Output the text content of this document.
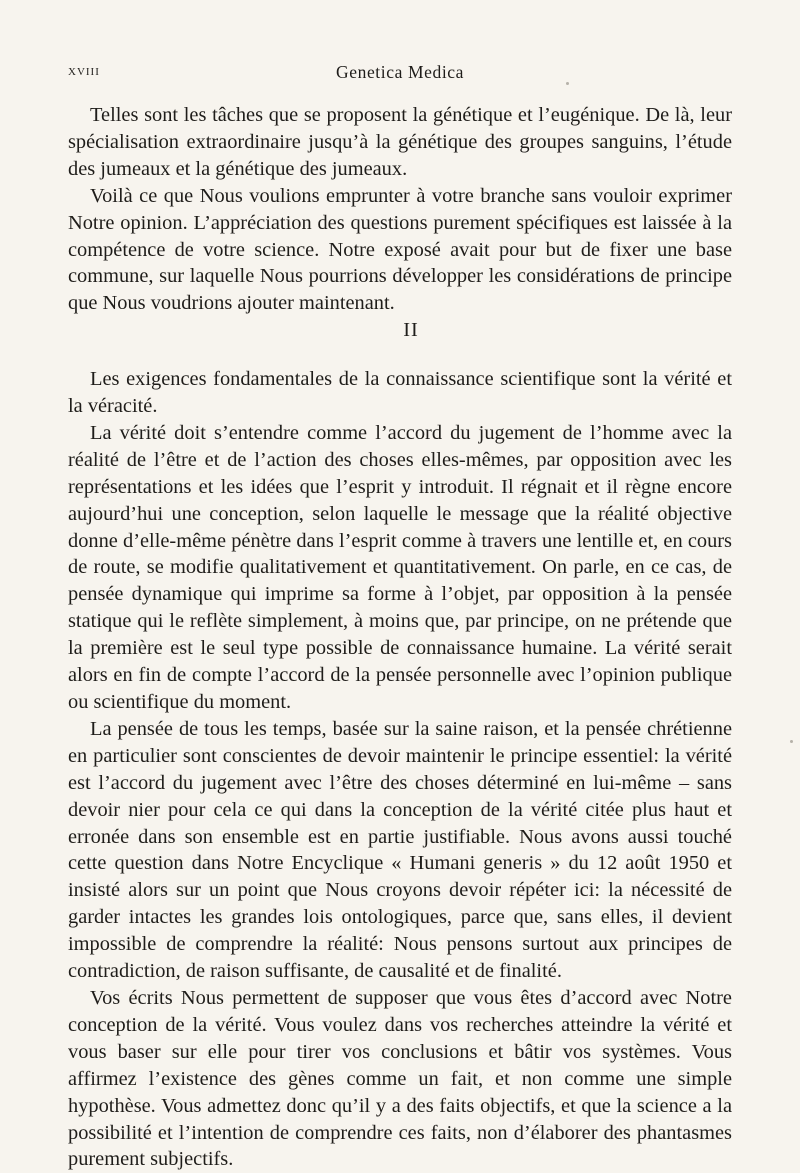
xviii	Genetica Medica

Telles sont les tâches que se proposent la génétique et l’eugénique. De là, leur spécialisation extraordinaire jusqu’à la génétique des groupes sanguins, l’étude des jumeaux et la génétique des jumeaux.

Voilà ce que Nous voulions emprunter à votre branche sans vouloir exprimer Notre opinion. L’appréciation des questions purement spécifiques est laissée à la compétence de votre science. Notre exposé avait pour but de fixer une base commune, sur laquelle Nous pourrions développer les considérations de principe que Nous voudrions ajouter maintenant.

II

Les exigences fondamentales de la connaissance scientifique sont la vérité et la véracité.

La vérité doit s’entendre comme l’accord du jugement de l’homme avec la réalité de l’être et de l’action des choses elles-mêmes, par opposition avec les représentations et les idées que l’esprit y introduit. Il régnait et il règne encore aujourd’hui une conception, selon laquelle le message que la réalité objective donne d’elle-même pénètre dans l’esprit comme à travers une lentille et, en cours de route, se modifie qualitativement et quantitativement. On parle, en ce cas, de pensée dynamique qui imprime sa forme à l’objet, par opposition à la pensée statique qui le reflète simplement, à moins que, par principe, on ne prétende que la première est le seul type possible de connaissance humaine. La vérité serait alors en fin de compte l’accord de la pensée personnelle avec l’opinion publique ou scientifique du moment.

La pensée de tous les temps, basée sur la saine raison, et la pensée chrétienne en particulier sont conscientes de devoir maintenir le principe essentiel: la vérité est l’accord du jugement avec l’être des choses déterminé en lui-même – sans devoir nier pour cela ce qui dans la conception de la vérité citée plus haut et erronée dans son ensemble est en partie justifiable. Nous avons aussi touché cette question dans Notre Encyclique « Humani generis » du 12 août 1950 et insisté alors sur un point que Nous croyons devoir répéter ici: la nécessité de garder intactes les grandes lois ontologiques, parce que, sans elles, il devient impossible de comprendre la réalité: Nous pensons surtout aux principes de contradiction, de raison suffisante, de causalité et de finalité.

Vos écrits Nous permettent de supposer que vous êtes d’accord avec Notre conception de la vérité. Vous voulez dans vos recherches atteindre la vérité et vous baser sur elle pour tirer vos conclusions et bâtir vos systèmes. Vous affirmez l’existence des gènes comme un fait, et non comme une simple hypothèse. Vous admettez donc qu’il y a des faits objectifs, et que la science a la possibilité et l’intention de comprendre ces faits, non d’élaborer des phantasmes purement subjectifs.
